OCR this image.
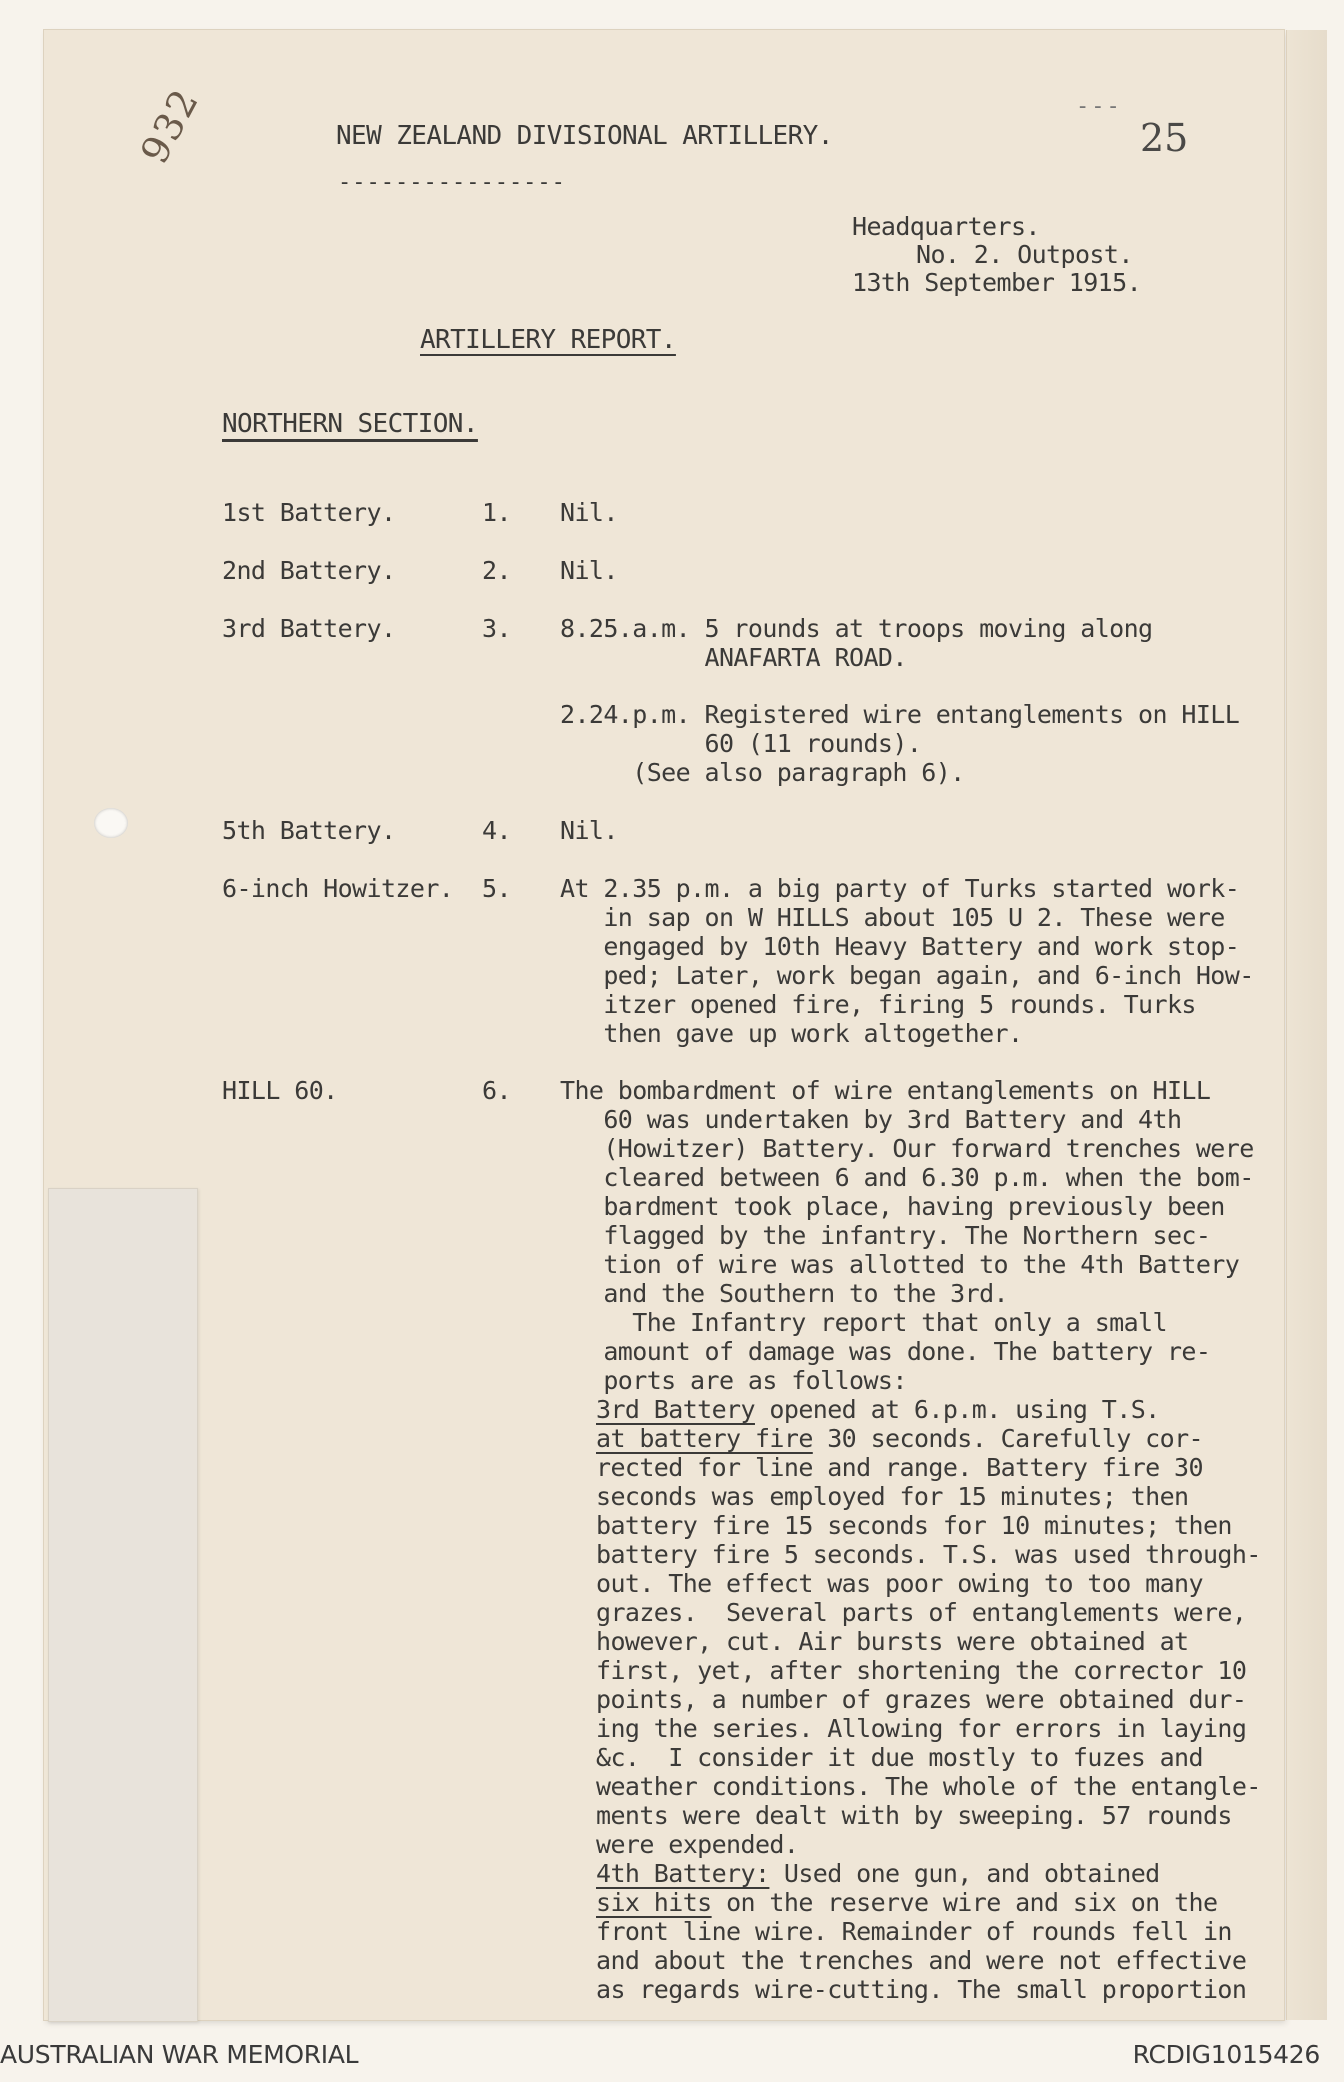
932	---
25
NEW ZEALAND DIVISIONAL ARTILLERY.
----------------
Headquarters.
No. 2. Outpost.
13th September 1915.
ARTILLERY REPORT.
NORTHERN SECTION.
1st Battery.	1. Nil.
2nd Battery.	2. Nil.
3rd Battery.	3. 8.25.a.m. 5 rounds at troops moving along
ANAFARTA ROAD.
2.24.p.m. Registered wire entanglements on HILL
60 (11 rounds).
(See also paragraph 6).
5th Battery.	4. Nil.
6-inch Howitzer. 5. At 2.35 p.m. a big party of Turks started work-
in sap on W HILLS about 105 U 2. These were
engaged by 10th Heavy Battery and work stop-
ped; Later, work began again, and 6-inch How-
itzer opened fire, firing 5 rounds. Turks
then gave up work altogether.
HILL 60.	6. The bombardment of wire entanglements on HILL
60 was undertaken by 3rd Battery and 4th
(Howitzer) Battery. Our forward trenches were
cleared between 6 and 6.30 p.m. when the bom-
bardment took place, having previously been
flagged by the infantry. The Northern sec-
tion of wire was allotted to the 4th Battery
and the Southern to the 3rd.
The Infantry report that only a small
amount of damage was done. The battery re-
ports are as follows:
3rd Battery opened at 6.p.m. using T.S.
at battery fire 30 seconds. Carefully cor-
rected for line and range. Battery fire 30
seconds was employed for 15 minutes; then
battery fire 15 seconds for 10 minutes; then
battery fire 5 seconds. T.S. was used through-
out. The effect was poor owing to too many
grazes.  Several parts of entanglements were,
however, cut. Air bursts were obtained at
first, yet, after shortening the corrector 10
points, a number of grazes were obtained dur-
ing the series. Allowing for errors in laying
&c.  I consider it due mostly to fuzes and
weather conditions. The whole of the entangle-
ments were dealt with by sweeping. 57 rounds
were expended.
4th Battery: Used one gun, and obtained
six hits on the reserve wire and six on the
front line wire. Remainder of rounds fell in
and about the trenches and were not effective
as regards wire-cutting. The small proportion
AUSTRALIAN WAR MEMORIAL	RCDIG1015426
